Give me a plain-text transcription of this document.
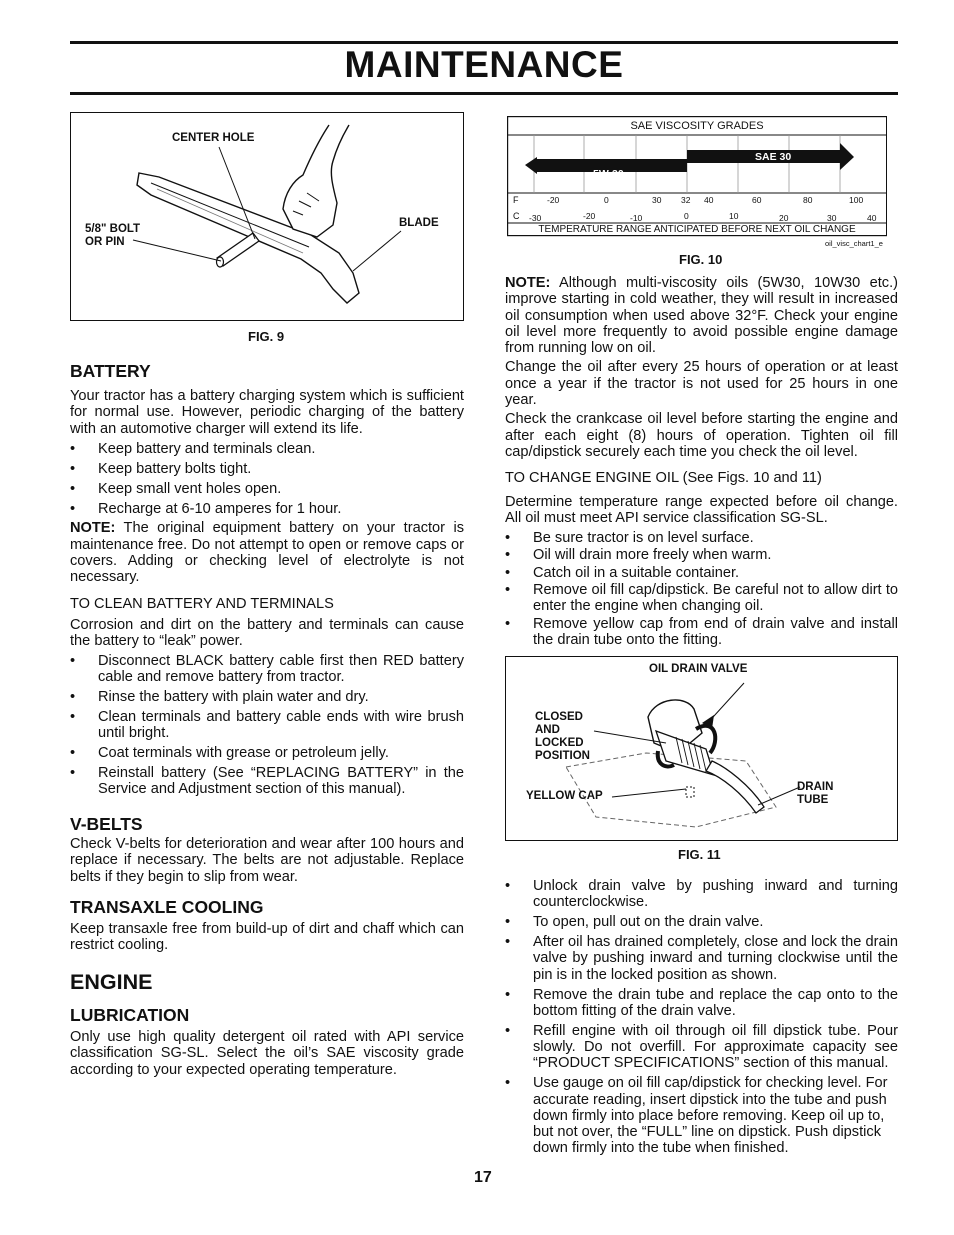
MAINTENANCE
CENTER HOLE
5/8" BOLT
OR PIN
BLADE
FIG. 9
BATTERY
Your tractor has a battery charging system which is sufficient for normal use. However, periodic charging of the battery with an automotive charger will extend its life.
• Keep battery and terminals clean.
• Keep battery bolts tight.
• Keep small vent holes open.
• Recharge at 6-10 amperes for 1 hour.
NOTE: The original equipment battery on your tractor is maintenance free. Do not attempt to open or remove caps or covers. Adding or checking level of electrolyte is not necessary.
TO CLEAN BATTERY AND TERMINALS
Corrosion and dirt on the battery and terminals can cause the battery to “leak” power.
• Disconnect BLACK battery cable first then RED battery cable and remove battery from tractor.
• Rinse the battery with plain water and dry.
• Clean terminals and battery cable ends with wire brush until bright.
• Coat terminals with grease or petroleum jelly.
• Reinstall battery (See “REPLACING BATTERY” in the Service and Adjustment section of this manual).
V-BELTS
Check V-belts for deterioration and wear after 100 hours and replace if necessary. The belts are not adjustable. Replace belts if they begin to slip from wear.
TRANSAXLE COOLING
Keep transaxle free from build-up of dirt and chaff which can restrict cooling.
ENGINE
LUBRICATION
Only use high quality detergent oil rated with API service classification SG-SL. Select the oil’s SAE viscosity grade according to your expected operating temperature.
SAE VISCOSITY GRADES
5W-30
SAE 30
F
C
-20	0	30 32 40	60	80	100
-30	-20	-10	0	10	20	30	40
TEMPERATURE RANGE ANTICIPATED BEFORE NEXT OIL CHANGE
oil_visc_chart1_e
FIG. 10
NOTE: Although multi-viscosity oils (5W30, 10W30 etc.) improve starting in cold weather, they will result in increased oil consumption when used above 32°F. Check your engine oil level more frequently to avoid possible engine damage from running low on oil.
Change the oil after every 25 hours of operation or at least once a year if the tractor is not used for 25 hours in one year.
Check the crankcase oil level before starting the engine and after each eight (8) hours of operation. Tighten oil fill cap/dipstick securely each time you check the oil level.
TO CHANGE ENGINE OIL (See Figs. 10 and 11)
Determine temperature range expected before oil change. All oil must meet API service classification SG-SL.
• Be sure tractor is on level surface.
• Oil will drain more freely when warm.
• Catch oil in a suitable container.
• Remove oil fill cap/dipstick. Be careful not to allow dirt to enter the engine when changing oil.
• Remove yellow cap from end of drain valve and install the drain tube onto the fitting.
OIL DRAIN VALVE
CLOSED
AND
LOCKED
POSITION
YELLOW CAP
DRAIN
TUBE
FIG. 11
• Unlock drain valve by pushing inward and turning counterclockwise.
• To open, pull out on the drain valve.
• After oil has drained completely, close and lock the drain valve by pushing inward and turning clockwise until the pin is in the locked position as shown.
• Remove the drain tube and replace the cap onto to the bottom fitting of the drain valve.
• Refill engine with oil through oil fill dipstick tube. Pour slowly. Do not overfill. For approximate capacity see “PRODUCT SPECIFICATIONS” section of this manual.
• Use gauge on oil fill cap/dipstick for checking level. For accurate reading, insert dipstick into the tube and push down firmly into place before removing. Keep oil up to, but not over, the “FULL” line on dipstick. Push dipstick down firmly into the tube when finished.
17
